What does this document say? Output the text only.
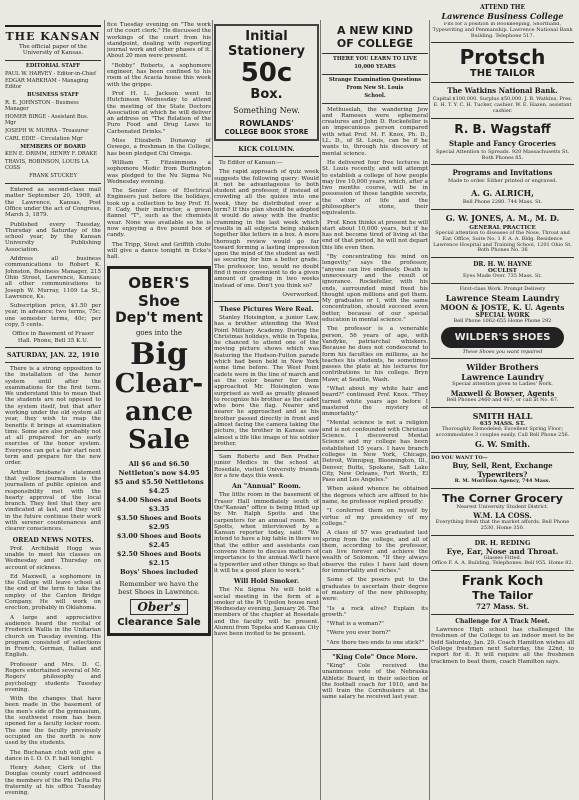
ATTEND THE
Lawrence Business College
THE KANSAN

The official paper of the University of Kansas.

EDITORIAL STAFF

PAUL W. HARVEY - Editor-in-Chief

EDGAR MARKHAM - Managing Editor

BUSINESS STAFF

R. E. JOHNSTON - Business Manager

HOMER BIRGE - Assistant Bus. Mgr

JOSEPH W. MURRA - Treasurer

CARL EDIE - Circulation Mgr

MEMBERS OF BOARD

KEN E. DRIMM, HENRY F. DRAKE

TRAVIS, ROBINSON, LOUIS LA COSS

FRANK STUCKEY

Entered as second-class mail matter September 20, 1909, at the Lawrence, Kansas, Post Office under the act of Congress, March 3, 1879.

Published every Tuesday, Thursday and Saturday of the school year, by the Kansan University Publishing Association.

Address all business communications to Robert K. Johnston, Business Manager, 215 Ohio Street, Lawrence, Kansas; all other communications to Joseph W. Murray, 1109 La St., Lawrence, Ks.

Subscription price, $1.50 per year, in advance; two terms, 75c; one semester terms, 40c; per copy, 5 cents.

Office in Basement of Fraser Hall. Phone, Bell 35 K.U.

SATURDAY, JAN. 22, 1910

There is a strong opposition to the installation of the honor system until after the examinations for the first term. We understand this to mean that the students are not opposed to the system itself, but that after working under the old system all year, they wish to reap the benefits it brings at examination time. Some are also probably not at all prepared for an early exercise of the honor system. Everyone can get a fair start next term and prepare for the new order.

Arthur Brisbane's statement that yellow journalism is the journalism of public opinion and responsibility met with the hearty approval of the local branch. They feel that they are vindicated at last, and they will in the future continue their work with serener countenances and clearer consciences.

OREAD NEWS NOTES.

Prof. Archibald Hogg was unable to meet his classes on Wednesday and Thursday on account of sickness.

Ed Maxwell, a sophomore in the College will leave school at the end of the term to take the employ of the Canton Bridge Company. He will work on erection, probably in Oklahoma.

A large and appreciative audience heard the recital of Frederick Wallis in the Unitarian church on Tuesday evening. His program consisted of selections in French, German, Italian and English.

Professor and Mrs. D. C. Rogers entertained several of Mr. Rogers' philosophy and psychology students Tuesday evening.

With the changes that have been made in the basement of the men's side of the gymnasium, the southwest room has been opened for a faculty locker room. The one the faculty previously occupied on the north is now used by the students.

The Buchanan club will give a dance in I. O. O. F. hall tonight.

Henry Asher, Clerk of the Douglas county court addressed the members of the Phi Delta Phi fraternity at his office Tuesday evening.

fice Tuesday evening on "The work of the court clerk." He discussed the workings of the court from his standpoint, dealing with reporting journal work and other phases of it. About 20 men were present.

"Bobby" Roberts, a sophomore engineer, has been confined to his room at the Acacia house this week with the grippe.

Prof H. L. Jackson went to Hutchinson Wednesday to attend the meeting of the State Doctors Association at which he will deliver an address on "The Relation of the Pure Food and Drug Laws to Carbonated Drinks."

Miss Elizabeth Dunaway of Oswego, a freshman in the College, has been pledged Chi Omega.

William T. Fitzsimmons a sophomore Medic from Burlington was pledged to the Nu Sigma Nu Wednesday evening.

The Senior class of Electrical Engineers just before the holidays, took up a collection to buy Prof. H. P. Cady, their instructor, a green flannel "T", such as the chemists wear. None was available so he is now enjoying a five pound box of candy.

The Tripp, Stout and Griffith clubs will give a dance tonight in Ecke's hall.

OBER'S
Shoe
Dep't ment
goes into the
Big
Clear-
ance
Sale
All $6 and $6.50 Nettleton's now $4.95
$5 and $5.50 Nettletons $4.25
$4.00 Shoes and Boots $3.35
$3.50 Shoes and Boots $2.95
$3.00 Shoes and Boots $2.45
$2.50 Shoes and Boots $2.15
Boys' Shoes included
Remember we have the best Shoes in Lawrence.
Ober's
Clearance Sale
Initial
Stationery
50c
Box.
Something New.
ROWLANDS'
COLLEGE BOOK STORE

KICK COLUMN.

To Editor of Kansan:—

The rapid approach of quiz week suggests the following query: Would it not be advantageous to both student and professor, if instead of crowding all the quizes into one week, they be distributed over a term? If this plan should be adopted it would do away with the frantic cramming in the last week which results in all subjects being shaken together like letters in a box. A more thorough review would go far toward forming a lasting impression upon the mind of the student as well as securing for him a better grade. The professor, too, would no doubt find it more convenient to do a given amount of grading in two weeks instead of one. Don't you think so?

Overworked.

These Pictures Were Real.

Stanley Hoisington, a junior Law, has a brother attending the West Point Military Academy. During the Christmas holidays, while in Topeka, he chanced to attend one of the moving picture shows which was featuring the Hudson-Fulton parade which had been held in New York some time before. The West Point cadets were in the line of march and as the color bearer for them approached Mr. Hoisington was surprised as well as greatly pleased to recognize his brother as the cadet who bore the flag. Nearer and nearer he approached and as his brother passed directly in front and almost facing the camera taking the picture, the brother in Kansas saw almost a life like image of his soldier brother.

Sam Roberts and Ben Prather junior Medics in the school at Rosedale, visited University friends for a few days this week.

An "Annual" Room.

The little room in the basement of Fraser Hall immediately south of the"Kansan" office is being fitted up by Mr. Ralph Spotts and the carpenters for an annual room. Mr. Spotts, when interviewed by a Kansan reporter today, said: "We intend to have a big table in there so that the editor and assistants can convene there to discuss matters of importance to the annual.We'll have a typewriter and other things so that it will be a good place to work."

Will Hold Smoker.

The Nu Sigma Nu will hold a social meeting in the form of a smoker at the Pi Upsilon house next Wednesday evening, January 26. The members of the chapter at Rosedale and the faculty will be present. Alumni from Topeka and Kansas City have been invited to be present.

A NEW KIND
OF COLLEGE

THERE YOU LEARN TO LIVE

10,000 YEARS

Strange Examination Questions

From New St. Louis

School.

Methuselah, the wandering Jew and Rameses were ephemeral creatures and John D. Rockefeller is an impecunious person compared with what Prof. M. F. Knox, Ph. D., LL. D., of St. Louis, can be if he wants to, through his discovery of mental science.

He delivered four free lectures in St. Louis recently, and will attempt to establish a college of how people may live 10,000 years, which, after a two months course, will be in possession of those tangible secrets, the elixir of life and the philosopher's stone, their equivalents.

Prof. Knox thinks at present he will start about 10,000 years, but if he has not become tired of living at the end of that period, he will not depart this life even then.

"By concentrating his mind on longevity," says the professor, "anyone can live endlessly. Death is unnecessary and the result of ignorance. Rockefeller, with his ends, surrounded mind fixed his thought upon millions and got them. My graduates or I, with the same concentration, should succeed even better, because of our special education in mental science."

The professor is a venerable person, 56 years of age, with Vandyke, patriarchal whiskers. Because he does not condescend to form his faculties on millions, as he teaches his students, he sometimes passes the plate at his lectures for contributions to his college. Bryn Mawr, at Seattle, Wash.

"What about my white hair and beard?" continued Prof. Knox. "They turned white years ago before I mastered the mystery of immortality."

"Mental science is not a religion and is not confounded with Christian Science. I discovered Mental Science and my college has been established 15 years. I have branch colleges in New York, Chicago, Detroit, Winnipeg, Bloomington, Ill., Denver, Butte, Spokane, Salt Lake City, New Orleans, Fort Worth, El Paso and Los Angeles."

When asked whence he obtained the degrees which are affixed to his name, he professor replied proudly:

"I conferred them on myself by virtue of my presidency of my college."

A class of 57 was graduated last spring from the college, and all of them, according to the professor, can live forever and achieve the wealth of Solomon. "If they always observe the rules I have laid down for immortality and riches."

Some of the posers put to the graduates to ascertain their degree of mastery of the new philosophy, were:

"Is a rock alive? Explain its growth."

"What is a woman?"

"Were you ever born?"

"Are there two ends to one stick?"

"King Cole" Once More.

"King" Cole received the unanimous vote of the Nebraska Athletic Board, in their selection of the football coach for 1910, and he will train the Cornhuskers at the same salary he received last year.

Fits for a position in Bookkeeping, Shorthand, Typewriting and Penmanship. Lawrence National Bank Building. Telephone 517.

Protsch
THE TAILOR
The Watkins National Bank.

Capital $100,000. Surplus $50,000. J. B. Watkins, Pres. E. H. T. Y. C. H. Tucker, cashier. W. E. Hazen, assistant cashier.

R. B. Wagstaff
Staple and Fancy Groceries

Special Attention to Spreads. 920 Massachusetts St. Both Phones 85.

Programs and Invitations

Made to order. Either printed or engraved.

A. G. ALRICH,

Bell Phone 2280. 744 Mass. St.

G. W. JONES, A. M., M. D.
GENERAL PRACTICE

Special attention to diseases of the Nose, Throat and Ear. Office, Suite No. 1 F. A. A. Bldg. Residence Lawrence Hospital and Training School, 1201 Ohio St. Both Phones No. 36

DR. H. W. HAYNE
OCULIST

Eyes Made Over. 735 Mass. St.

First-class Work. Prompt Delivery

Lawrence Steam Laundry
MOON & JOSTE, K. U. Agents
SPECIAL WORK

Bell Phone 1062-655 Home Phone 292

WILDER'S SHOES

These Shoes you want repaired

Wilder Brothers
Lawrence Laundry

Special attention given to Ladies' work.

Maxwell & Bowser, Agents

Bell Phones 2460 and 467, or call at No. 67.

SMITH HALL
635 MASS. ST.

Thoroughly Remodeled; Excellent Spring Floor; accommodates 3 couples easily. Call Bell Phone 256.

G. W. Smith.

DO YOU WANT TO—

Buy, Sell, Rent, Exchange Typewriters?

R. M. Morrison Agency, 744 Mass.

The Corner Grocery

Nearest University Student District.

W.M. LA COSS.

Everything fresh that the market affords. Bell Phone 2530, Home 350.

DR. H. REDING
Eye, Ear, Nose and Throat.

Glasses Fitted.

Office F. A. A. Building. Telephones: Bell 955. Home 82.

Frank Koch
The Tailor
727 Mass. St.

Challenge for A Track Meet.

Lawrence High school has challenged the freshmen of the College to an indoor meet to be held Saturday, Jan. 29. Coach Hamilton wishes all College freshmen next Saturday, the 22nd, to report for it. It will require all the freshmen trackmen to beat them, coach Hamilton says.
